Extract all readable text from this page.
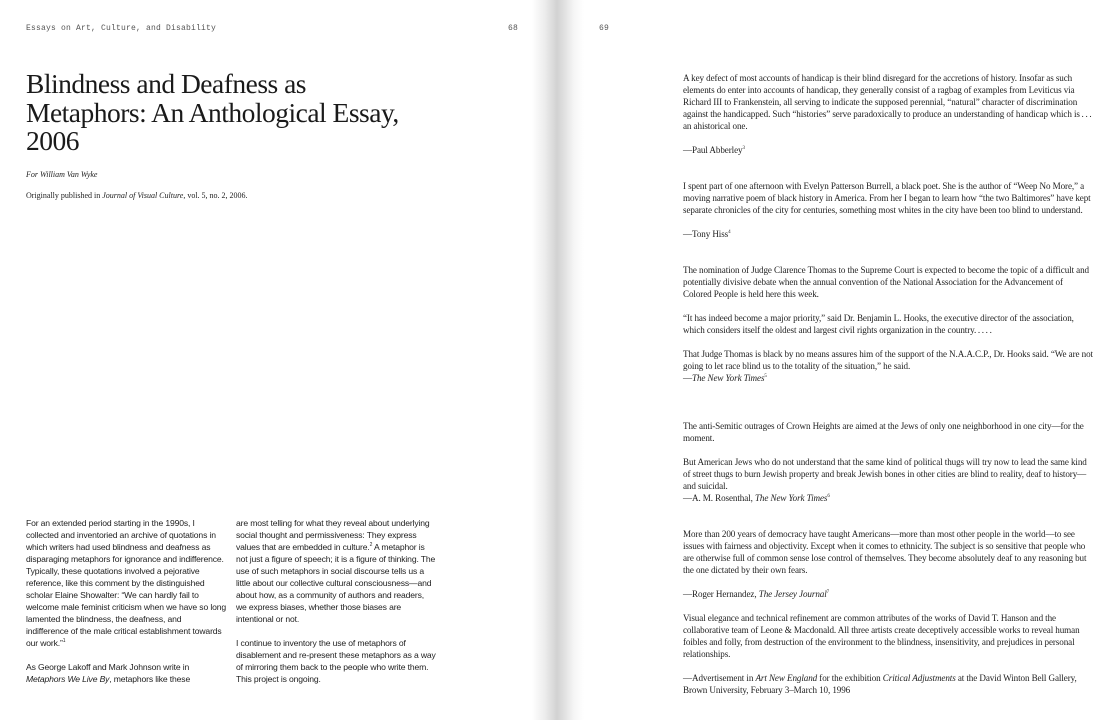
Essays on Art, Culture, and Disability	68	69
Blindness and Deafness as
Metaphors: An Anthological Essay,
2006
For William Van Wyke
Originally published in Journal of Visual Culture, vol. 5, no. 2, 2006.

For an extended period starting in the 1990s, I collected and inventoried an archive of quotations in which writers had used blindness and deafness as disparaging metaphors for ignorance and indifference. Typically, these quotations involved a pejorative reference, like this comment by the distinguished scholar Elaine Showalter: “We can hardly fail to welcome male feminist criticism when we have so long lamented the blindness, the deafness, and indifference of the male critical establishment towards our work.”$^1$

As George Lakoff and Mark Johnson write in Metaphors We Live By, metaphors like these

are most telling for what they reveal about underlying social thought and permissiveness: They express values that are embedded in culture.$^2$ A metaphor is not just a figure of speech; it is a figure of thinking. The use of such metaphors in social discourse tells us a little about our collective cultural consciousness—and about how, as a community of authors and readers, we express biases, whether those biases are intentional or not.

I continue to inventory the use of metaphors of disablement and re-present these metaphors as a way of mirroring them back to the people who write them. This project is ongoing.

A key defect of most accounts of handicap is their blind disregard for the accretions of history. Insofar as such elements do enter into accounts of handicap, they generally consist of a ragbag of examples from Leviticus via Richard III to Frankenstein, all serving to indicate the supposed perennial, “natural” character of discrimination against the handicapped. Such “histories” serve paradoxically to produce an understanding of handicap which is . . . an ahistorical one.

—Paul Abberley$^3$

I spent part of one afternoon with Evelyn Patterson Burrell, a black poet. She is the author of “Weep No More,” a moving narrative poem of black history in America. From her I began to learn how “the two Baltimores” have kept separate chronicles of the city for centuries, something most whites in the city have been too blind to understand.

—Tony Hiss$^4$

The nomination of Judge Clarence Thomas to the Supreme Court is expected to become the topic of a difficult and potentially divisive debate when the annual convention of the National Association for the Advancement of Colored People is held here this week.

“It has indeed become a major priority,” said Dr. Benjamin L. Hooks, the executive director of the association, which considers itself the oldest and largest civil rights organization in the country. . . . .

That Judge Thomas is black by no means assures him of the support of the N.A.A.C.P., Dr. Hooks said. “We are not going to let race blind us to the totality of the situation,” he said.

—The New York Times$^5$

The anti-Semitic outrages of Crown Heights are aimed at the Jews of only one neighborhood in one city—for the moment.

But American Jews who do not understand that the same kind of political thugs will try now to lead the same kind of street thugs to burn Jewish property and break Jewish bones in other cities are blind to reality, deaf to history—and suicidal.

—A. M. Rosenthal, The New York Times$^6$

More than 200 years of democracy have taught Americans—more than most other people in the world—to see issues with fairness and objectivity. Except when it comes to ethnicity. The subject is so sensitive that people who are otherwise full of common sense lose control of themselves. They become absolutely deaf to any reasoning but the one dictated by their own fears.

—Roger Hernandez, The Jersey Journal$^7$

Visual elegance and technical refinement are common attributes of the works of David T. Hanson and the collaborative team of Leone & Macdonald. All three artists create deceptively accessible works to reveal human foibles and folly, from destruction of the environment to the blindness, insensitivity, and prejudices in personal relationships.

—Advertisement in Art New England for the exhibition Critical Adjustments at the David Winton Bell Gallery, Brown University, February 3–March 10, 1996
